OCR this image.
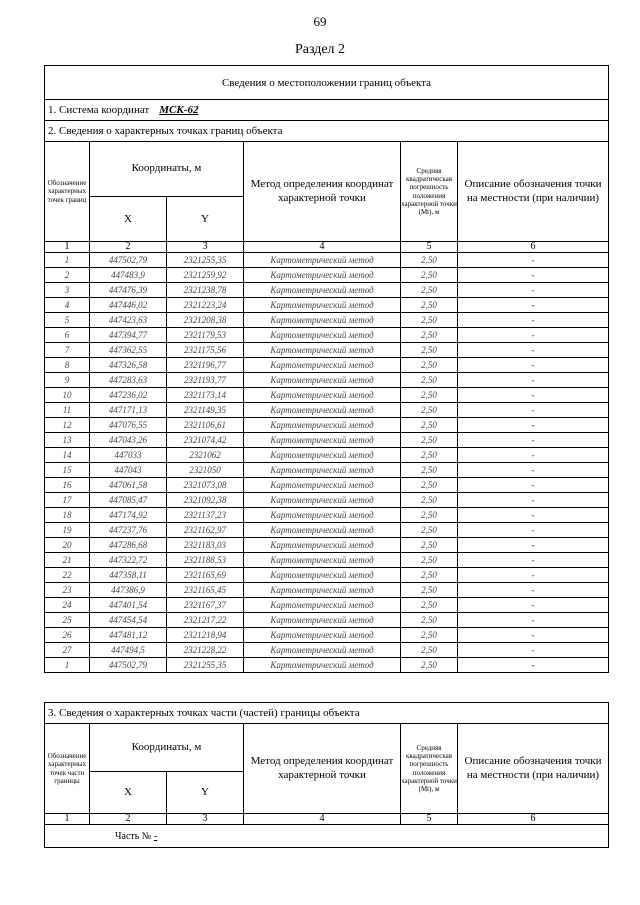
69
Раздел 2
Сведения о местоположении границ объекта					
1. Система координат МСК-62					
2. Сведения о характерных точках границ объекта					
Обозначение характерных точек границ	Координаты, м		Метод определения координат характерной точки	Средняя квадратическая погрешность положения характерной точки (Mt), м	Описание обозначения точки на местности (при наличии)
	X	Y			
1	2	3	4	5	6
1	447502,79	2321255,35	Картометрический метод	2,50	-
2	447483,9	2321259,92	Картометрический метод	2,50	-
3	447476,39	2321238,78	Картометрический метод	2,50	-
4	447446,02	2321223,24	Картометрический метод	2,50	-
5	447423,63	2321208,38	Картометрический метод	2,50	-
6	447394,77	2321179,53	Картометрический метод	2,50	-
7	447362,55	2321175,56	Картометрический метод	2,50	-
8	447326,58	2321196,77	Картометрический метод	2,50	-
9	447283,63	2321193,77	Картометрический метод	2,50	-
10	447236,02	2321173,14	Картометрический метод	2,50	-
11	447171,13	2321149,35	Картометрический метод	2,50	-
12	447076,55	2321106,61	Картометрический метод	2,50	-
13	447043,26	2321074,42	Картометрический метод	2,50	-
14	447033	2321062	Картометрический метод	2,50	-
15	447043	2321050	Картометрический метод	2,50	-
16	447061,58	2321073,08	Картометрический метод	2,50	-
17	447085,47	2321092,38	Картометрический метод	2,50	-
18	447174,92	2321137,23	Картометрический метод	2,50	-
19	447237,76	2321162,97	Картометрический метод	2,50	-
20	447286,68	2321183,03	Картометрический метод	2,50	-
21	447322,72	2321188,53	Картометрический метод	2,50	-
22	447358,11	2321165,69	Картометрический метод	2,50	-
23	447386,9	2321165,45	Картометрический метод	2,50	-
24	447401,54	2321167,37	Картометрический метод	2,50	-
25	447454,54	2321217,22	Картометрический метод	2,50	-
26	447481,12	2321218,94	Картометрический метод	2,50	-
27	447494,5	2321228,22	Картометрический метод	2,50	-
1	447502,79	2321255,35	Картометрический метод	2,50	-
3. Сведения о характерных точках части (частей) границы объекта					
Обозначение характерных точек части границы	Координаты, м		Метод определения координат характерной точки	Средняя квадратическая погрешность положения характерной точки (Mt), м	Описание обозначения точки на местности (при наличии)
	X	Y			
1	2	3	4	5	6
Часть № -					
